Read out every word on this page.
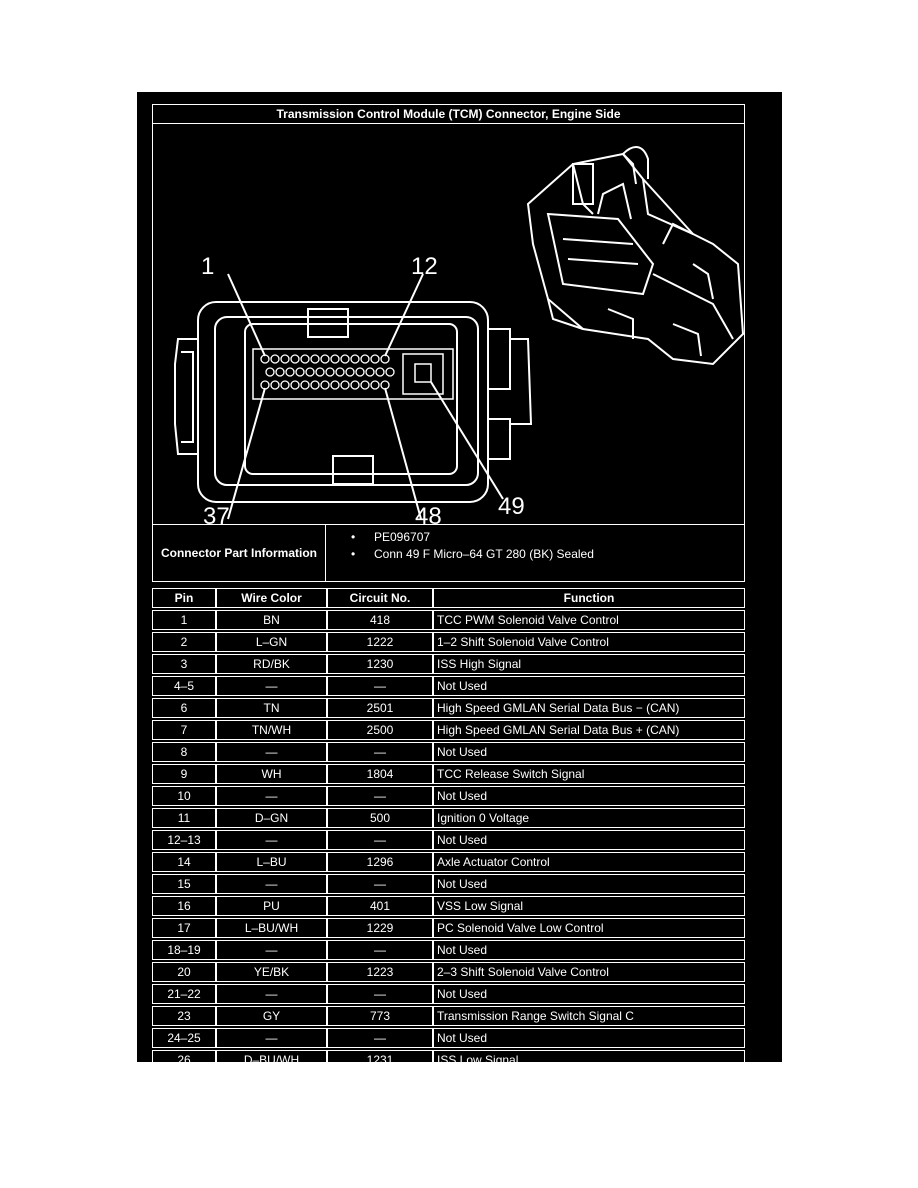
Transmission Control Module (TCM) Connector, Engine Side
1	12
37	48 49
Connector Part Information
• PE096707
• Conn 49 F Micro–64 GT 280 (BK) Sealed
Pin	Wire Color	Circuit No.	Function
1	BN	418	TCC PWM Solenoid Valve Control
2	L–GN	1222	1–2 Shift Solenoid Valve Control
3	RD/BK	1230	ISS High Signal
4–5	—	—	Not Used
6	TN	2501	High Speed GMLAN Serial Data Bus − (CAN)
7	TN/WH	2500	High Speed GMLAN Serial Data Bus + (CAN)
8	—	—	Not Used
9	WH	1804	TCC Release Switch Signal
10	—	—	Not Used
11	D–GN	500	Ignition 0 Voltage
12–13	—	—	Not Used
14	L–BU	1296	Axle Actuator Control
15	—	—	Not Used
16	PU	401	VSS Low Signal
17	L–BU/WH	1229	PC Solenoid Valve Low Control
18–19	—	—	Not Used
20	YE/BK	1223	2–3 Shift Solenoid Valve Control
21–22	—	—	Not Used
23	GY	773	Transmission Range Switch Signal C
24–25	—	—	Not Used
26	D–BU/WH	1231	ISS Low Signal
27	YE	2470	Class 2 Serial Data
